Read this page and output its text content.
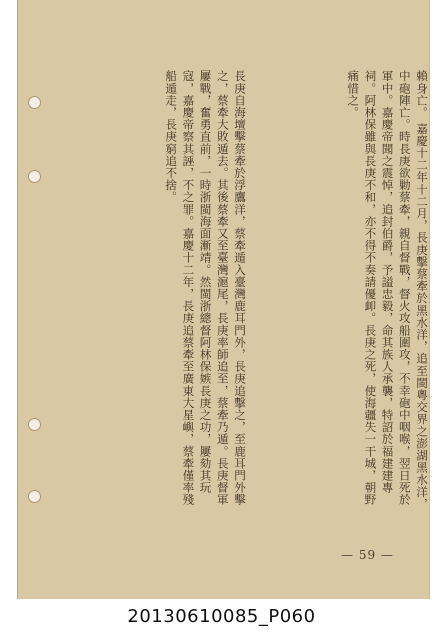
賴身亡。 嘉慶十二年十二月，長庚擊蔡牽於黑水洋，追至閩粵交界之澎湖黑水洋，中砲陣亡。時長庚欲勦蔡牽，親自督戰，督火攻船圍攻，不幸砲中咽喉，翌日死於軍中。嘉慶帝聞之震悼，追封伯爵，予謚忠毅，命其族人承襲，特詔於福建建專祠。阿林保雖與長庚不和，亦不得不奏請優卹。長庚之死，使海疆失一干城，朝野痛惜之。
長庚自海壇擊蔡牽於浮鷹洋，蔡牽遁入臺灣鹿耳門外，長庚追擊之，至鹿耳門外擊之，蔡牽大敗遁去。其後蔡牽又至臺灣滬尾，長庚率師追至，蔡牽乃遁。長庚督軍屢戰，奮勇直前，一時浙閩海面漸靖。然閩浙總督阿林保嫉長庚之功，屢劾其玩寇，嘉慶帝察其誣，不之罪。嘉慶十二年，長庚追蔡牽至廣東大星嶼，蔡牽僅率殘船遁走，長庚窮追不捨。
— 59 —
20130610085_P060
